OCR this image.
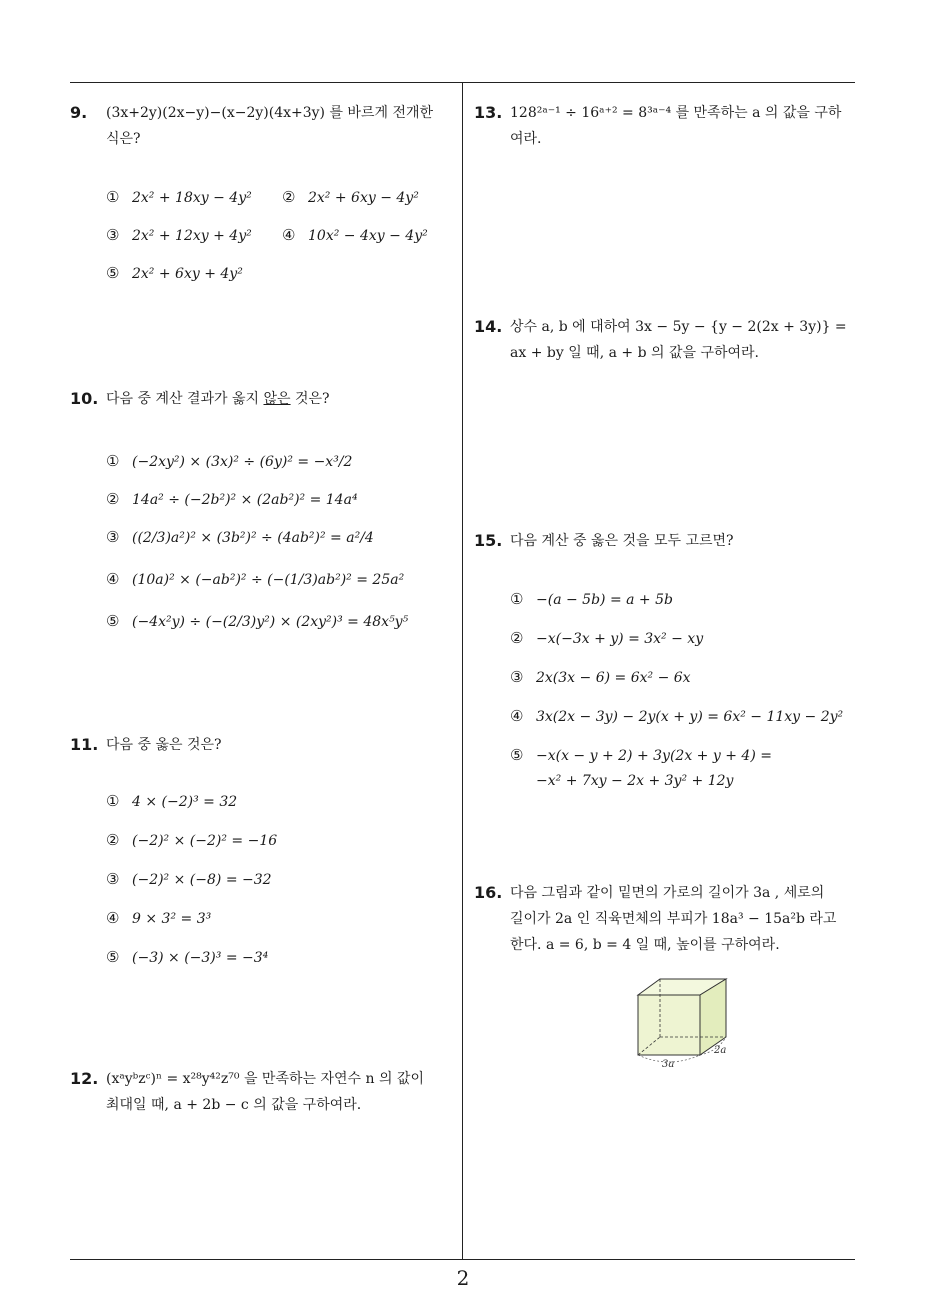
9. (3x+2y)(2x−y)−(x−2y)(4x+3y) 를 바르게 전개한
식은?
① 2x² + 18xy − 4y² ② 2x² + 6xy − 4y²
③ 2x² + 12xy + 4y² ④ 10x² − 4xy − 4y²
⑤ 2x² + 6xy + 4y²
10. 다음 중 계산 결과가 옳지 않은 것은?
① (−2xy²) × (3x)² ÷ (6y)² = −x³/2
② 14a² ÷ (−2b²)² × (2ab²)² = 14a⁴
③ ((2/3)a²)² × (3b²)² ÷ (4ab²)² = a²/4
④ (10a)² × (−ab²)² ÷ (−(1/3)ab²)² = 25a²
⑤ (−4x²y) ÷ (−(2/3)y²) × (2xy²)³ = 48x⁵y⁵
11. 다음 중 옳은 것은?
① 4 × (−2)³ = 32
② (−2)² × (−2)² = −16
③ (−2)² × (−8) = −32
④ 9 × 3² = 3³
⑤ (−3) × (−3)³ = −3⁴
12. (xᵃyᵇzᶜ)ⁿ = x²⁸y⁴²z⁷⁰ 을 만족하는 자연수 n 의 값이
최대일 때, a + 2b − c 의 값을 구하여라.
13. 128²ᵃ⁻¹ ÷ 16ᵃ⁺² = 8³ᵃ⁻⁴ 를 만족하는 a 의 값을 구하
여라.
14. 상수 a, b 에 대하여 3x − 5y − {y − 2(2x + 3y)} =
ax + by 일 때, a + b 의 값을 구하여라.
15. 다음 계산 중 옳은 것을 모두 고르면?
① −(a − 5b) = a + 5b
② −x(−3x + y) = 3x² − xy
③ 2x(3x − 6) = 6x² − 6x
④ 3x(2x − 3y) − 2y(x + y) = 6x² − 11xy − 2y²
⑤ −x(x − y + 2) + 3y(2x + y + 4) =
−x² + 7xy − 2x + 3y² + 12y
16. 다음 그림과 같이 밑면의 가로의 길이가 3a , 세로의
길이가 2a 인 직육면체의 부피가 18a³ − 15a²b 라고
한다. a = 6, b = 4 일 때, 높이를 구하여라.
3a
2a
2
